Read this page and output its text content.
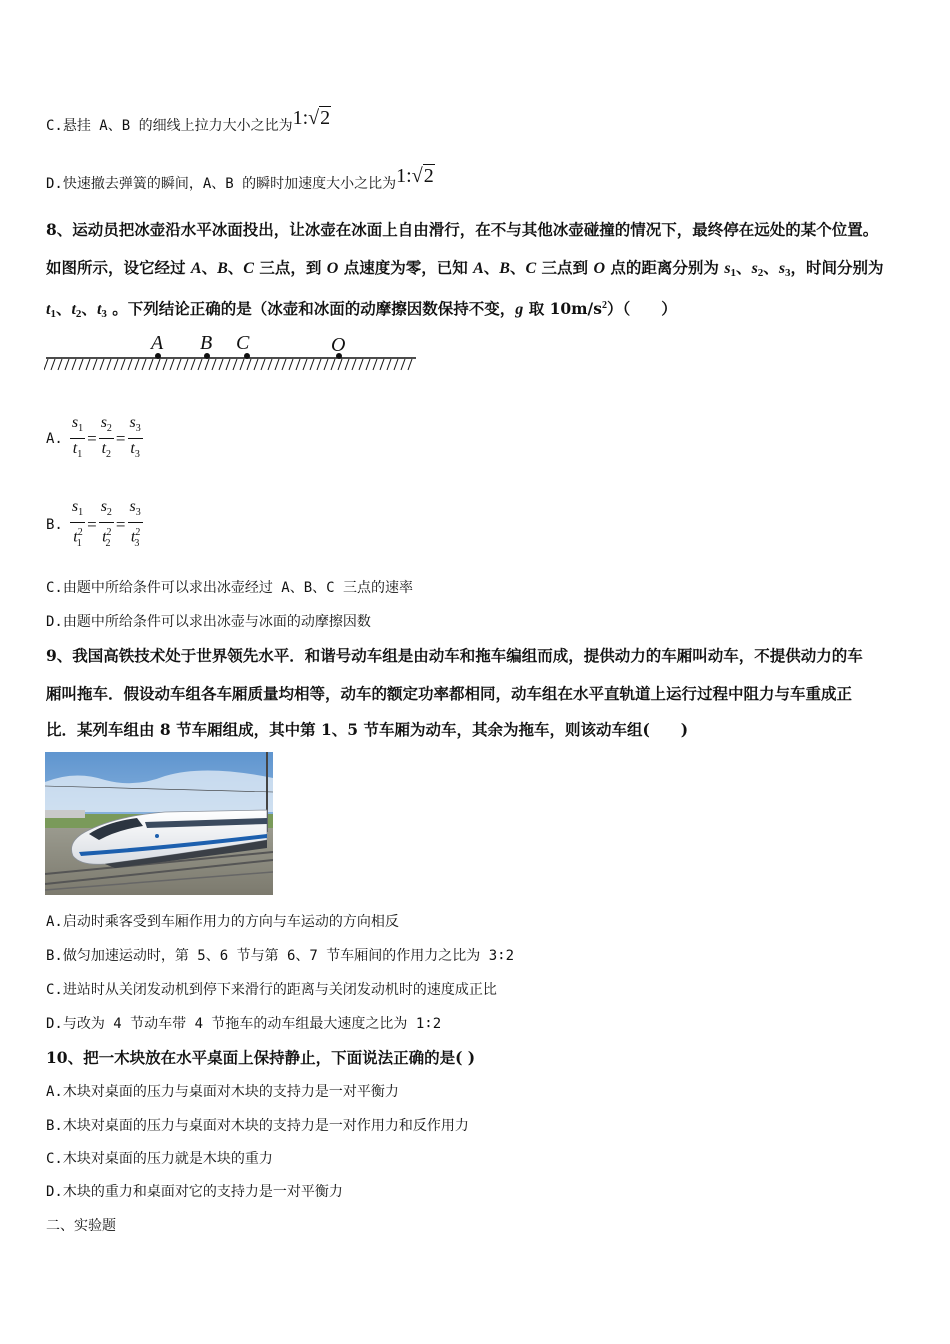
C.悬挂 A、B 的细线上拉力大小之比为1:√2
D.快速撤去弹簧的瞬间，A、B 的瞬时加速度大小之比为1:√2
8、运动员把冰壶沿水平冰面投出，让冰壶在冰面上自由滑行，在不与其他冰壶碰撞的情况下，最终停在远处的某个位置。
如图所示，设它经过 A、B、C 三点，到 O 点速度为零，已知 A、B、C 三点到 O 点的距离分别为 $s_1$、$s_2$、$s_3$，时间分别为
$t_1$、$t_2$、$t_3$ 。下列结论正确的是（冰壶和冰面的动摩擦因数保持不变，g 取 $10m/s^2$）（　　）
A B C	O
A. $\frac{s_1}{t_1} = \frac{s_2}{t_2} = \frac{s_3}{t_3}$
B. $\frac{s_1}{t^2_1} = \frac{s_2}{t^2_2} = \frac{s_3}{t^2_3}$
C.由题中所给条件可以求出冰壶经过 A、B、C 三点的速率
D.由题中所给条件可以求出冰壶与冰面的动摩擦因数
9、我国高铁技术处于世界领先水平．和谐号动车组是由动车和拖车编组而成，提供动力的车厢叫动车，不提供动力的车
厢叫拖车．假设动车组各车厢质量均相等，动车的额定功率都相同，动车组在水平直轨道上运行过程中阻力与车重成正
比．某列车组由 8 节车厢组成，其中第 1、5 节车厢为动车，其余为拖车，则该动车组(　　)
A.启动时乘客受到车厢作用力的方向与车运动的方向相反
B.做匀加速运动时，第 5、6 节与第 6、7 节车厢间的作用力之比为 3∶2
C.进站时从关闭发动机到停下来滑行的距离与关闭发动机时的速度成正比
D.与改为 4 节动车带 4 节拖车的动车组最大速度之比为 1∶2
10、把一木块放在水平桌面上保持静止，下面说法正确的是( )
A.木块对桌面的压力与桌面对木块的支持力是一对平衡力
B.木块对桌面的压力与桌面对木块的支持力是一对作用力和反作用力
C.木块对桌面的压力就是木块的重力
D.木块的重力和桌面对它的支持力是一对平衡力
二、实验题
